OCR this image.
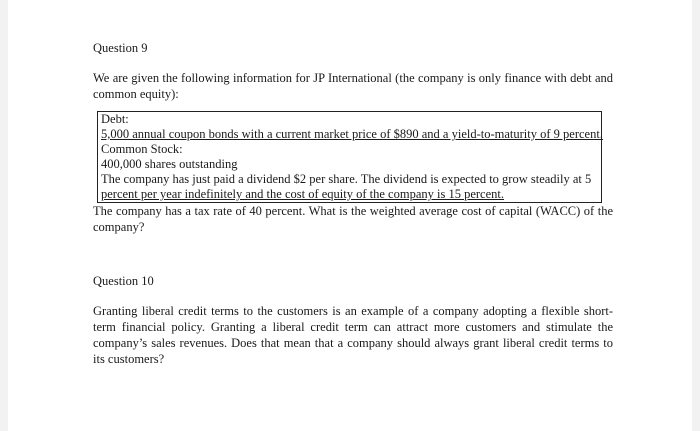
Question 9

We are given the following information for JP International (the company is only finance with debt and common equity):

Debt:
5,000 annual coupon bonds with a current market price of $890 and a yield-to-maturity of 9 percent.
Common Stock:
400,000 shares outstanding
The company has just paid a dividend $2 per share. The dividend is expected to grow steadily at 5
percent per year indefinitely and the cost of equity of the company is 15 percent.

The company has a tax rate of 40 percent. What is the weighted average cost of capital (WACC) of the company?

Question 10

Granting liberal credit terms to the customers is an example of a company adopting a flexible short-term financial policy. Granting a liberal credit term can attract more customers and stimulate the company’s sales revenues. Does that mean that a company should always grant liberal credit terms to its customers?
